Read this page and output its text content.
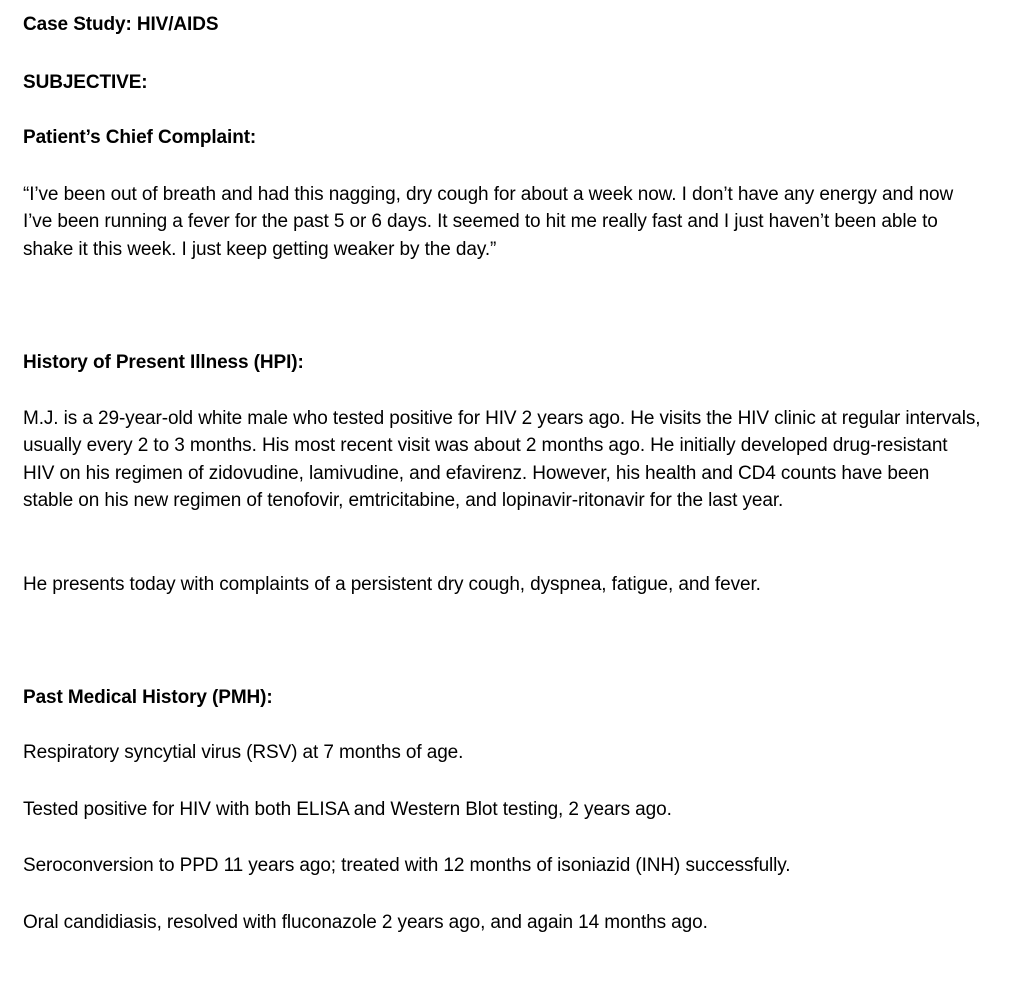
Case Study: HIV/AIDS
SUBJECTIVE:
Patient’s Chief Complaint:
“I’ve been out of breath and had this nagging, dry cough for about a week now. I don’t have any energy and now I’ve been running a fever for the past 5 or 6 days. It seemed to hit me really fast and I just haven’t been able to shake it this week. I just keep getting weaker by the day.”
History of Present Illness (HPI):
M.J. is a 29-year-old white male who tested positive for HIV 2 years ago. He visits the HIV clinic at regular intervals, usually every 2 to 3 months. His most recent visit was about 2 months ago. He initially developed drug-resistant HIV on his regimen of zidovudine, lamivudine, and efavirenz. However, his health and CD4 counts have been stable on his new regimen of tenofovir, emtricitabine, and lopinavir-ritonavir for the last year.
He presents today with complaints of a persistent dry cough, dyspnea, fatigue, and fever.
Past Medical History (PMH):
Respiratory syncytial virus (RSV) at 7 months of age.
Tested positive for HIV with both ELISA and Western Blot testing, 2 years ago.
Seroconversion to PPD 11 years ago; treated with 12 months of isoniazid (INH) successfully.
Oral candidiasis, resolved with fluconazole 2 years ago, and again 14 months ago.
